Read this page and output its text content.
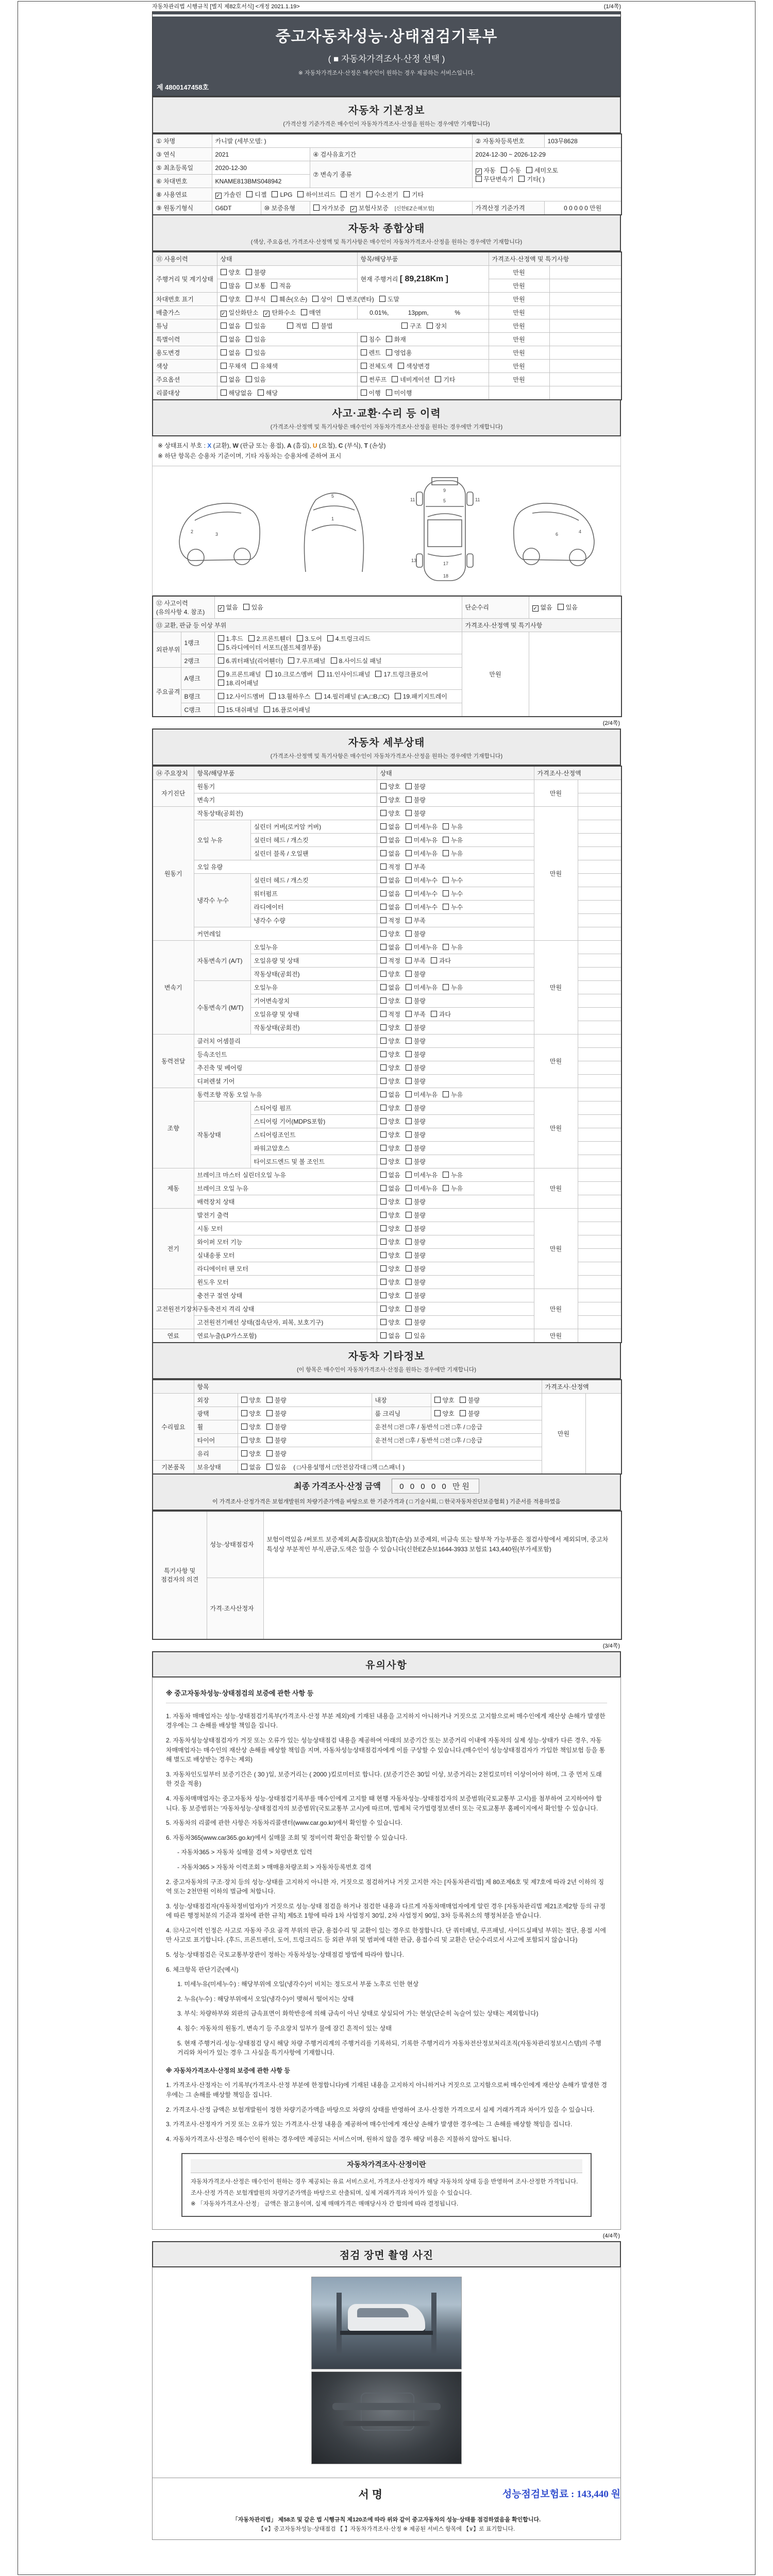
자동차관리법 시행규칙 [별지 제82호서식] <개정 2021.1.19>	(1/4쪽)
중고자동차성능·상태점검기록부
( ■ 자동차가격조사·산정 선택 )
※ 자동차가격조사·산정은 매수인이 원하는 경우 제공하는 서비스입니다.
제 4800147458호
자동차 기본정보
(가격산정 기준가격은 매수인이 자동차가격조사·산정을 원하는 경우에만 기재합니다)
① 차명	카니발 (세부모델: )			② 자동차등록번호	103무8628
③ 연식	2021		④ 검사유효기간	2024-12-30 ~ 2026-12-29	
⑤ 최초등록일	2020-12-30		⑦ 변속기 종류	✓ 자동 수동 세미오토
무단변속기 기타( )	

⑥ 차대번호	KNAME813BMS048942				
⑧ 사용연료	✓ 가솔린 디젤 LPG 하이브리드 전기 수소전기 기타				
⑨ 원동기형식	G6DT	⑩ 보증유형	자가보증 ✓ 보험사보증 [신한EZ손해보험]	가격산정 기준가격	0 0 0 0 0 만원
자동차 종합상태
(색상, 주요옵션, 가격조사·산정액 및 특기사항은 매수인이 자동차가격조사·산정을 원하는 경우에만 기재합니다)
⑪ 사용이력	상태	항목/해당부품	가격조사·산정액 및 특기사항	
주행거리 및 계기상태	양호 불량	현재 주행거리 [ 89,218Km ]	만원	
	많음 보통 적음		만원	
차대번호 표기	양호 부식 훼손(오손) 상이 변조(변타) 도말		만원	
배출가스	✓ 일산화탄소 ✓ 탄화수소 매연	0.01%, 13ppm, %	만원	
튜닝	없음 있음 적법 불법 구조 장치		만원	
특별이력	없음 있음	침수 화재	만원	
용도변경	없음 있음	렌트 영업용	만원	
색상	무채색 유채색	전체도색 색상변경	만원	
주요옵션	없음 있음	썬루프 네비게이션 기타	만원	
리콜대상	해당없음 해당	이행 미이행		
사고·교환·수리 등 이력
(가격조사·산정액 및 특기사항은 매수인이 자동차가격조사·산정을 원하는 경우에만 기재합니다)
※ 상태표시 부호 : X (교환), W (판금 또는 용접), A (흠집), U (요철), C (부식), T (손상)
※ 하단 항목은 승용차 기준이며, 기타 자동차는 승용차에 준하여 표시
3
2
1
5
11	11
9
5
13
17
18
6	4
⑫ 사고이력 (유의사항 4. 참조)		✓ 없음 있음	단순수리	✓ 없음 있음
⑬ 교환, 판금 등 이상 부위			가격조사·산정액 및 특기사항	
외판부위	1랭크	1.후드 2.프론트휀더 3.도어 4.트렁크리드5.라디에이터 서포트(볼트체결부품)	만원	
	2랭크	6.쿼터패널(리어휀더) 7.루프패널 8.사이드실 패널		
주요골격	A랭크	9.프론트패널 10.크로스멤버 11.인사이드패널 17.트렁크플로어18.리어패널		
	B랭크	12.사이드멤버 13.휠하우스 14.필러패널 (□A,□B,□C) 19.패키지트레이		
	C랭크	15.대쉬패널 16.플로어패널		
(2/4쪽)
자동차 세부상태
(가격조사·산정액 및 특기사항은 매수인이 자동차가격조사·산정을 원하는 경우에만 기재합니다)
⑭ 주요장치	항목/해당부품		상태	가격조사·산정액	
자기진단	원동기		양호 불량	만원	
	변속기		양호 불량		
원동기	작동상태(공회전)		양호 불량	만원	
	오일 누유	실린더 커버(로커암 커버)	없음 미세누유 누유		
		실린더 헤드 / 개스킷	없음 미세누유 누유		
		실린더 블록 / 오일팬	없음 미세누유 누유		
	오일 유량		적정 부족		
	냉각수 누수	실린더 헤드 / 개스킷	없음 미세누수 누수		
		워터펌프	없음 미세누수 누수		
		라디에이터	없음 미세누수 누수		
		냉각수 수량	적정 부족		
	커먼레일		양호 불량		
변속기	자동변속기 (A/T)	오일누유	없음 미세누유 누유	만원	
		오일유량 및 상태	적정 부족 과다		
		작동상태(공회전)	양호 불량		
	수동변속기 (M/T)	오일누유	없음 미세누유 누유		
		기어변속장치	양호 불량		
		오일유량 및 상태	적정 부족 과다		
		작동상태(공회전)	양호 불량		
동력전달	클러치 어셈블리		양호 불량	만원	
	등속조인트		양호 불량		
	추진축 및 베어링		양호 불량		
	디퍼렌셜 기어		양호 불량		
조향	동력조향 작동 오일 누유		없음 미세누유 누유	만원	
	작동상태	스티어링 펌프	양호 불량		
		스티어링 기어(MDPS포함)	양호 불량		
		스티어링조인트	양호 불량		
		파워고압호스	양호 불량		
		타이로드엔드 및 볼 조인트	양호 불량		
제동	브레이크 마스터 실린더오일 누유		없음 미세누유 누유	만원	
	브레이크 오일 누유		없음 미세누유 누유		
	배력장치 상태		양호 불량		
전기	발전기 출력		양호 불량	만원	
	시동 모터		양호 불량		
	와이퍼 모터 기능		양호 불량		
	실내송풍 모터		양호 불량		
	라디에이터 팬 모터		양호 불량		
	윈도우 모터		양호 불량		
고전원전기장치	충전구 절연 상태		양호 불량	만원	
	구동축전지 격리 상태		양호 불량		
	고전원전기배선 상태(접속단자, 피복, 보호기구)		양호 불량		
연료	연료누출(LP가스포함)		없음 있음	만원	
자동차 기타정보
(이 항목은 매수인이 자동차가격조사·산정을 원하는 경우에만 기재합니다)
	항목				가격조사·산정액	
수리필요	외장	양호 불량	내장	양호 불량	만원	
	광택	양호 불량	룸 크리닝	양호 불량		
	휠	양호 불량	운전석 □전 □후 / 동반석 □전 □후 / □응급			
	타이어	양호 불량	운전석 □전 □후 / 동반석 □전 □후 / □응급			
	유리	양호 불량				
기본품목	보유상태	없음 있음 ( □사용설명서 □안전삼각대 □잭 □스패너 )				
최종 가격조사·산정 금액 0 0 0 0 0 만원
이 가격조사·산정가격은 보험개발원의 차량기준가액을 바탕으로 한 기준가격과 ( □ 기술사회, □ 한국자동차진단보증협회 ) 기준서를 적용하였음
특기사항 및 점검자의 의견	성능·상태점검자	보험이력있음 /써포트 보증제외,A(흠집)U(요철)T(손상) 보증제외, 비금속 또는 탈부착 가능부품은 점검사항에서 제외되며, 중고차 특성상 부분적인 부식,판금,도색은 있을 수 있습니다(신한EZ손보1644-3933 보험료 143,440원(부가세포함)
	가격·조사산정자	
(3/4쪽)
유의사항
※ 중고자동차성능·상태점검의 보증에 관한 사항 등
1. 자동차 매매업자는 성능·상태점검기록부(가격조사·산정 부분 제외)에 기재된 내용을 고지하지 아니하거나 거짓으로 고지함으로써 매수인에게 재산상 손해가 발생한 경우에는 그 손해를 배상할 책임을 집니다.
2. 자동차성능상태점검자가 거짓 또는 오류가 있는 성능상태점검 내용을 제공하여 아래의 보증기간 또는 보증거리 이내에 자동차의 실제 성능·상태가 다른 경우, 자동차매매업자는 매수인의 재산상 손해를 배상할 책임을 지며, 자동차성능상태점검자에게 이를 구상할 수 있습니다.(매수인이 성능상태점검자가 가입한 책임보험 등을 통해 별도로 배상받는 경우는 제외)
3. 자동차인도일부터 보증기간은 ( 30 )일, 보증거리는 ( 2000 )킬로미터로 합니다. (보증기간은 30일 이상, 보증거리는 2천킬로미터 이상이어야 하며, 그 중 먼저 도래한 것을 적용)
4. 자동차매매업자는 중고자동차 성능·상태점검기록부를 매수인에게 고지할 때 현행 자동차성능·상태점검자의 보증범위(국토교통부 고시)를 첨부하여 고지하여야 합니다. 동 보증범위는 '자동차성능·상태점검자의 보증범위'(국토교통부 고시)에 따르며, 법제처 국가법령정보센터 또는 국토교통부 홈페이지에서 확인할 수 있습니다.
5. 자동차의 리콜에 관한 사항은 자동차리콜센터(www.car.go.kr)에서 확인할 수 있습니다.
6. 자동차365(www.car365.go.kr)에서 실매물 조회 및 정비이력 확인을 확인할 수 있습니다.
- 자동차365 > 자동차 실매물 검색 > 차량번호 입력
- 자동차365 > 자동차 이력조회 > 매매용차량조회 > 자동차등록번호 검색
2. 중고자동차의 구조·장치 등의 성능·상태를 고지하지 아니한 자, 거짓으로 점검하거나 거짓 고지한 자는 [자동차관리법] 제 80조제6호 및 제7호에 따라 2년 이하의 징역 또는 2천만원 이하의 벌금에 처합니다.
3. 성능·상태점검자(자동차정비업자)가 거짓으로 성능·상태 점검을 하거나 점검한 내용과 다르게 자동차매매업자에게 알린 경우 [자동차관리법 제21조제2항 등의 규정에 따른 행정처분의 기준과 절차에 관한 규칙] 제5조 1항에 따라 1차 사업정지 30일, 2차 사업정지 90일, 3차 등록취소의 행정처분을 받습니다.
4. ⑫사고이력 인정은 사고로 자동차 주요 골격 부위의 판금, 용접수리 및 교환이 있는 경우로 한정합니다. 단 쿼터패널, 루프패널, 사이드실패널 부위는 절단, 용접 시에만 사고로 표기합니다. (후드, 프론트펜더, 도어, 트렁크리드 등 외판 부위 및 범퍼에 대한 판금, 용접수리 및 교환은 단순수리로서 사고에 포함되지 않습니다)
5. 성능·상태점검은 국토교통부장관이 정하는 자동차성능·상태점검 방법에 따라야 합니다.
6. 체크항목 판단기준(예시)
1. 미세누유(미세누수) : 해당부위에 오일(냉각수)이 비치는 정도로서 부품 노후로 인한 현상
2. 누유(누수) : 해당부위에서 오일(냉각수)이 맺혀서 떨어지는 상태
3. 부식: 차량하부와 외판의 금속표면이 화학반응에 의해 금속이 아닌 상태로 상실되어 가는 현상(단순히 녹슬어 있는 상태는 제외합니다)
4. 침수: 자동차의 원동기, 변속기 등 주요장치 일부가 물에 잠긴 흔적이 있는 상태
5. 현재 주행거리·성능·상태점검 당시 해당 차량 주행거리계의 주행거리를 기록하되, 기록한 주행거리가 자동차전산정보처리조직(자동차관리정보시스템)의 주행거리와 차이가 있는 경우 그 사실을 특기사항에 기재합니다.
※ 자동차가격조사·산정의 보증에 관한 사항 등
1. 가격조사·산정자는 이 기록부(가격조사·산정 부분에 한정합니다)에 기재된 내용을 고지하지 아니하거나 거짓으로 고지함으로써 매수인에게 재산상 손해가 발생한 경우에는 그 손해를 배상할 책임을 집니다.
2. 가격조사·산정 금액은 보험개발원이 정한 차량기준가액을 바탕으로 차량의 상태를 반영하여 조사·산정한 가격으로서 실제 거래가격과 차이가 있을 수 있습니다.
3. 가격조사·산정자가 거짓 또는 오류가 있는 가격조사·산정 내용을 제공하여 매수인에게 재산상 손해가 발생한 경우에는 그 손해를 배상할 책임을 집니다.
4. 자동차가격조사·산정은 매수인이 원하는 경우에만 제공되는 서비스이며, 원하지 않을 경우 해당 비용은 지불하지 않아도 됩니다.
자동차가격조사·산정이란
자동차가격조사·산정은 매수인이 원하는 경우 제공되는 유료 서비스로서, 가격조사·산정자가 해당 자동차의 상태 등을 반영하여 조사·산정한 가격입니다.
조사·산정 가격은 보험개발원의 차량기준가액을 바탕으로 산출되며, 실제 거래가격과 차이가 있을 수 있습니다.
※ 「자동차가격조사·산정」 금액은 참고용이며, 실제 매매가격은 매매당사자 간 합의에 따라 결정됩니다.
(4/4쪽)
점검 장면 촬영 사진
서명	성능점검보험료 : 143,440 원
「자동차관리법」 제58조 및 같은 법 시행규칙 제120조에 따라 위와 같이 중고자동차의 성능·상태를 점검하였음을 확인합니다.
【∨】중고자동차성능·상태점검 【 】자동차가격조사·산정 ※ 제공된 서비스 항목에 【∨】로 표기합니다.
